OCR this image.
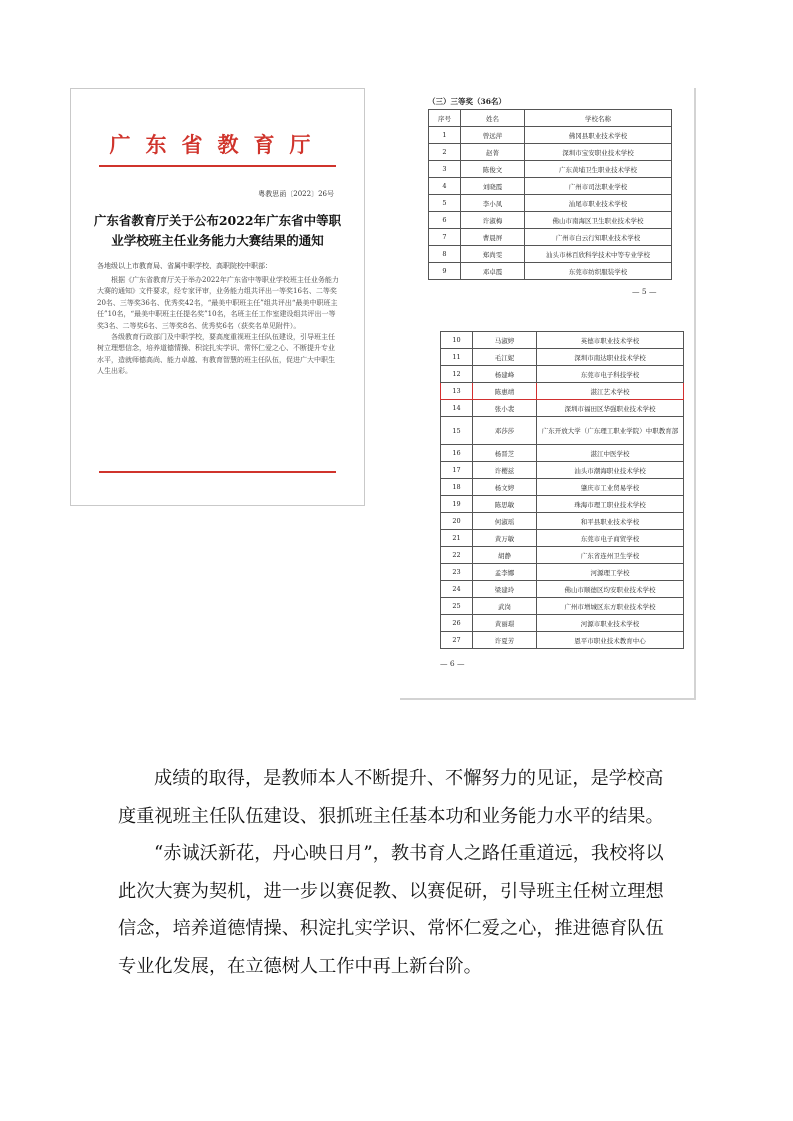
广东省教育厅
粤教思函〔2022〕26号
广东省教育厅关于公布2022年广东省中等职业学校班主任业务能力大赛结果的通知
各地级以上市教育局、省属中职学校、高职院校中职部：

根据《广东省教育厅关于举办2022年广东省中等职业学校班主任业务能力大赛的通知》文件要求，经专家评审，业务能力组共评出一等奖16名、二等奖20名、三等奖36名、优秀奖42名，“最美中职班主任”组共评出“最美中职班主任”10名，“最美中职班主任提名奖”10名，名班主任工作室建设组共评出一等奖3名、二等奖6名、三等奖8名、优秀奖6名（获奖名单见附件）。

各级教育行政部门及中职学校，要高度重视班主任队伍建设，引导班主任树立理想信念，培养道德情操、积淀扎实学识、常怀仁爱之心、不断提升专业水平，造就师德高尚、能力卓越、有教育智慧的班主任队伍，促进广大中职生人生出彩。

（三）三等奖（36名）
序号	姓名	学校名称
1	曾远萍	佛冈县职业技术学校
2	赵菁	深圳市宝安职业技术学校
3	陈俊文	广东黄埔卫生职业技术学校
4	刘晓霞	广州市司法职业学校
5	李小凤	汕尾市职业技术学校
6	许淑梅	佛山市南海区卫生职业技术学校
7	曹晨屏	广州市白云行知职业技术学校
8	郑尚雯	汕头市林百欣科学技术中等专业学校
9	邓卓霞	东莞市纺织服装学校
— 5 —
10	马淑婷	英德市职业技术学校
11	毛江妮	深圳市南达职业技术学校
12	杨建峰	东莞市电子科技学校
13	陈惠靖	湛江艺术学校
14	张小裴	深圳市福田区华强职业技术学校
15	邓莎莎	广东开放大学（广东理工职业学院）中职教育部
16	杨晋芝	湛江中医学校
17	许樱兹	汕头市潮海职业技术学校
18	杨文婷	肇庆市工业贸易学校
19	陈思敏	珠海市理工职业技术学校
20	何淑瑶	和平县职业技术学校
21	黄万敏	东莞市电子商贸学校
22	胡静	广东省连州卫生学校
23	孟李娜	河源理工学校
24	梁建玲	佛山市顺德区均安职业技术学校
25	武岗	广州市增城区东方职业技术学校
26	黄丽璟	河源市职业技术学校
27	许夏芳	恩平市职业技术教育中心
— 6 —

成绩的取得，是教师本人不断提升、不懈努力的见证，是学校高度重视班主任队伍建设、狠抓班主任基本功和业务能力水平的结果。

“赤诚沃新花，丹心映日月”，教书育人之路任重道远，我校将以此次大赛为契机，进一步以赛促教、以赛促研，引导班主任树立理想信念，培养道德情操、积淀扎实学识、常怀仁爱之心，推进德育队伍专业化发展，在立德树人工作中再上新台阶。
